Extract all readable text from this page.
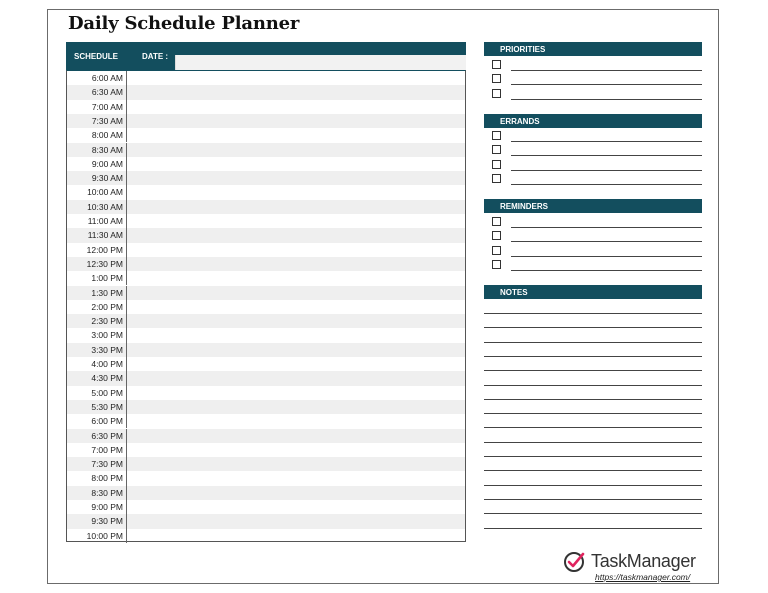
Daily Schedule Planner
SCHEDULE	DATE :
6:00 AM
6:30 AM
7:00 AM
7:30 AM
8:00 AM
8:30 AM
9:00 AM
9:30 AM
10:00 AM
10:30 AM
11:00 AM
11:30 AM
12:00 PM
12:30 PM
1:00 PM
1:30 PM
2:00 PM
2:30 PM
3:00 PM
3:30 PM
4:00 PM
4:30 PM
5:00 PM
5:30 PM
6:00 PM
6:30 PM
7:00 PM
7:30 PM
8:00 PM
8:30 PM
9:00 PM
9:30 PM
10:00 PM
PRIORITIES
ERRANDS
REMINDERS
NOTES
TaskManager
https://taskmanager.com/
